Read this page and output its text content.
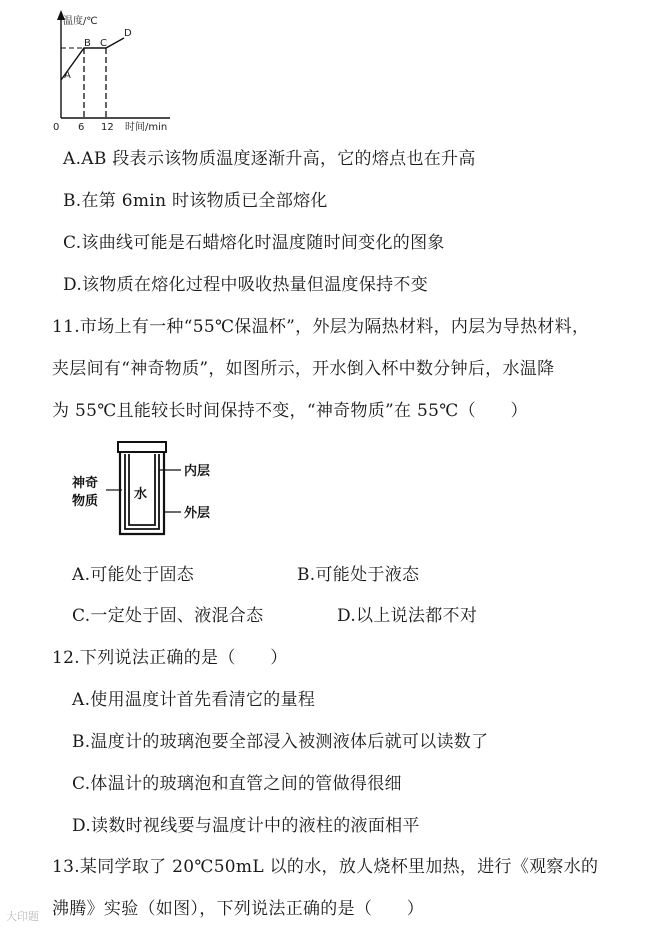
温度/℃
时间/min
0 6 12
A
B C
D
A.AB 段表示该物质温度逐渐升高，它的熔点也在升高
B.在第 6min 时该物质已全部熔化
C.该曲线可能是石蜡熔化时温度随时间变化的图象
D.该物质在熔化过程中吸收热量但温度保持不变
11.市场上有一种“55℃保温杯”，外层为隔热材料，内层为导热材料，
夹层间有“神奇物质”，如图所示，开水倒入杯中数分钟后，水温降
为 55℃且能较长时间保持不变，“神奇物质”在 55℃（　　）
水
内层
外层
神奇
物质
A.可能处于固态	B.可能处于液态
C.一定处于固、液混合态	D.以上说法都不对
12.下列说法正确的是（　　）
A.使用温度计首先看清它的量程
B.温度计的玻璃泡要全部浸入被测液体后就可以读数了
C.体温计的玻璃泡和直管之间的管做得很细
D.读数时视线要与温度计中的液柱的液面相平
13.某同学取了 20℃50mL 以的水，放人烧杯里加热，进行《观察水的
沸腾》实验（如图），下列说法正确的是（　　）
大印题
